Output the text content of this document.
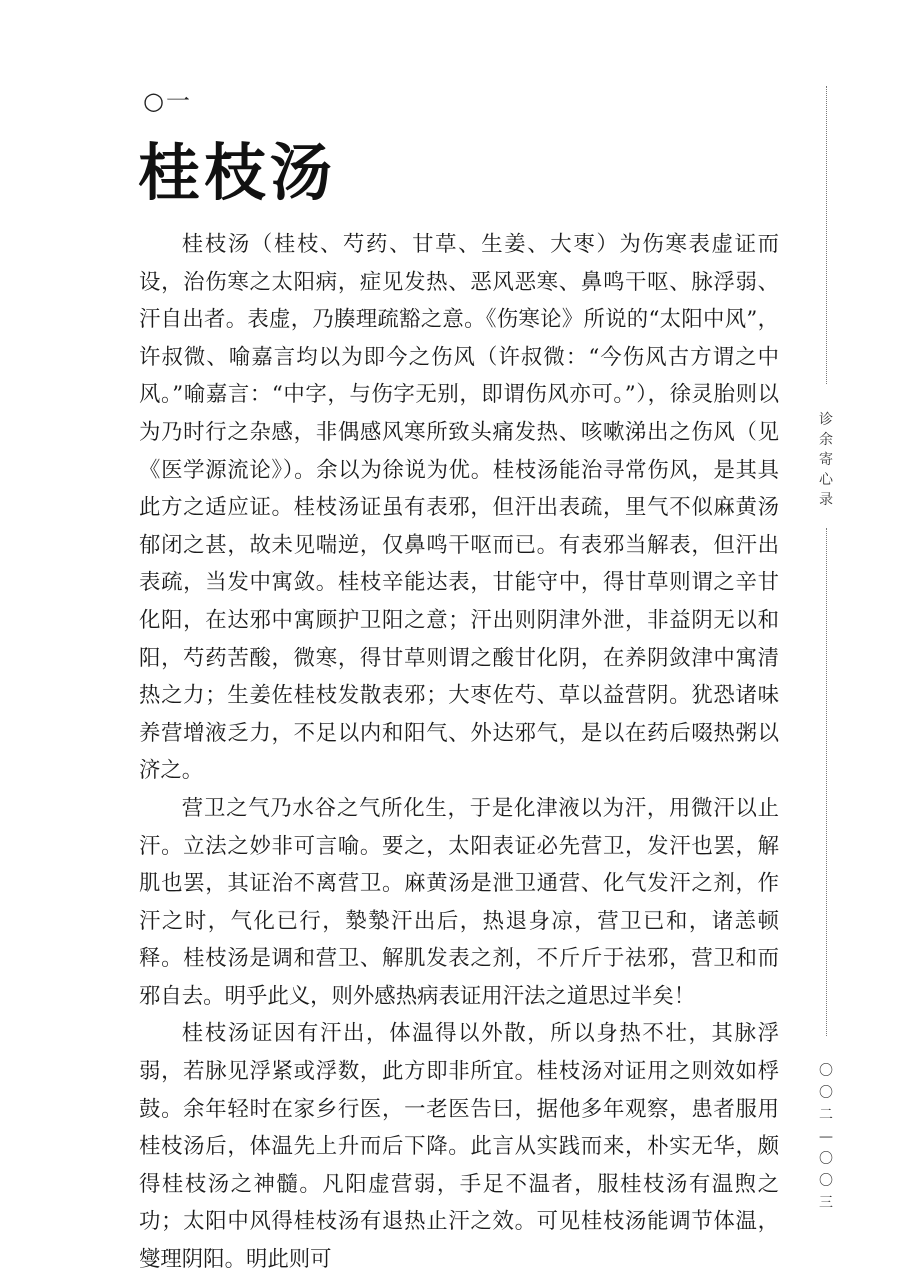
○一
桂枝汤

桂枝汤（桂枝、芍药、甘草、生姜、大枣）为伤寒表虚证而设，治伤寒之太阳病，症见发热、恶风恶寒、鼻鸣干呕、脉浮弱、汗自出者。表虚，乃腠理疏豁之意。《伤寒论》所说的“太阳中风”，许叔微、喻嘉言均以为即今之伤风（许叔微：“今伤风古方谓之中风。”喻嘉言：“中字，与伤字无别，即谓伤风亦可。”），徐灵胎则以为乃时行之杂感，非偶感风寒所致头痛发热、咳嗽涕出之伤风（见《医学源流论》）。余以为徐说为优。桂枝汤能治寻常伤风，是其具此方之适应证。桂枝汤证虽有表邪，但汗出表疏，里气不似麻黄汤郁闭之甚，故未见喘逆，仅鼻鸣干呕而已。有表邪当解表，但汗出表疏，当发中寓敛。桂枝辛能达表，甘能守中，得甘草则谓之辛甘化阳，在达邪中寓顾护卫阳之意；汗出则阴津外泄，非益阴无以和阳，芍药苦酸，微寒，得甘草则谓之酸甘化阴，在养阴敛津中寓清热之力；生姜佐桂枝发散表邪；大枣佐芍、草以益营阴。犹恐诸味养营增液乏力，不足以内和阳气、外达邪气，是以在药后啜热粥以济之。

营卫之气乃水谷之气所化生，于是化津液以为汗，用微汗以止汗。立法之妙非可言喻。要之，太阳表证必先营卫，发汗也罢，解肌也罢，其证治不离营卫。麻黄汤是泄卫通营、化气发汗之剂，作汗之时，气化已行，漐漐汗出后，热退身凉，营卫已和，诸恙顿释。桂枝汤是调和营卫、解肌发表之剂，不斤斤于祛邪，营卫和而邪自去。明乎此义，则外感热病表证用汗法之道思过半矣！

桂枝汤证因有汗出，体温得以外散，所以身热不壮，其脉浮弱，若脉见浮紧或浮数，此方即非所宜。桂枝汤对证用之则效如桴鼓。余年轻时在家乡行医，一老医告曰，据他多年观察，患者服用桂枝汤后，体温先上升而后下降。此言从实践而来，朴实无华，颇得桂枝汤之神髓。凡阳虚营弱，手足不温者，服桂枝汤有温煦之功；太阳中风得桂枝汤有退热止汗之效。可见桂枝汤能调节体温，燮理阴阳。明此则可

诊余寄心录
〇〇二—〇〇三
